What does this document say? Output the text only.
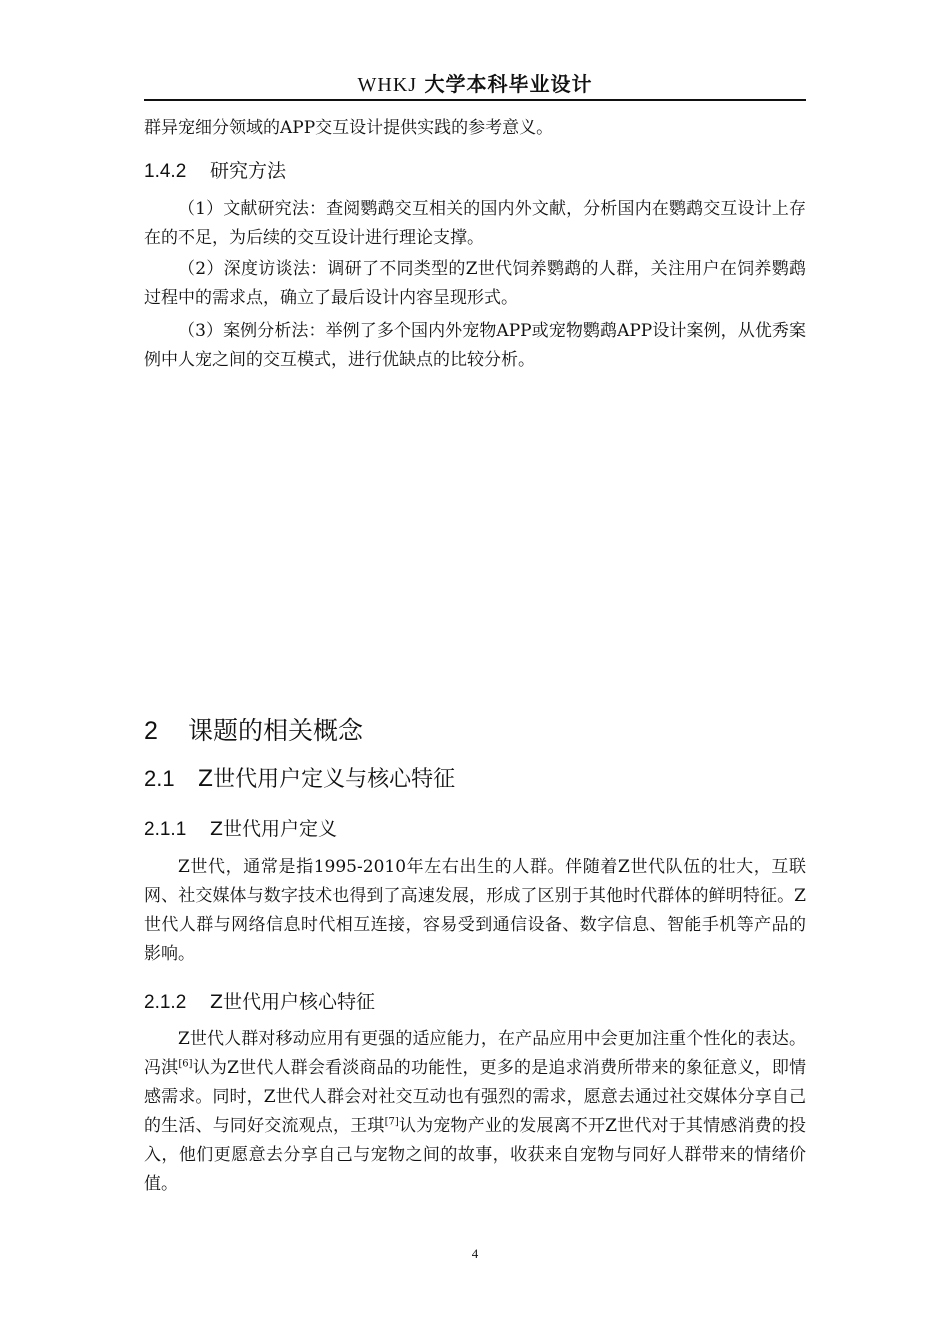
WHKJ 大学本科毕业设计

群异宠细分领域的APP交互设计提供实践的参考意义。

1.4.2 研究方法

（1）文献研究法：查阅鹦鹉交互相关的国内外文献，分析国内在鹦鹉交互设计上存在的不足，为后续的交互设计进行理论支撑。

（2）深度访谈法：调研了不同类型的Z世代饲养鹦鹉的人群，关注用户在饲养鹦鹉过程中的需求点，确立了最后设计内容呈现形式。

（3）案例分析法：举例了多个国内外宠物APP或宠物鹦鹉APP设计案例，从优秀案例中人宠之间的交互模式，进行优缺点的比较分析。

2 课题的相关概念
2.1 Z世代用户定义与核心特征
2.1.1 Z世代用户定义

Z世代，通常是指1995-2010年左右出生的人群。伴随着Z世代队伍的壮大，互联网、社交媒体与数字技术也得到了高速发展，形成了区别于其他时代群体的鲜明特征。Z世代人群与网络信息时代相互连接，容易受到通信设备、数字信息、智能手机等产品的影响。

2.1.2 Z世代用户核心特征

Z世代人群对移动应用有更强的适应能力，在产品应用中会更加注重个性化的表达。冯淇[6]认为Z世代人群会看淡商品的功能性，更多的是追求消费所带来的象征意义，即情感需求。同时，Z世代人群会对社交互动也有强烈的需求，愿意去通过社交媒体分享自己的生活、与同好交流观点，王琪[7]认为宠物产业的发展离不开Z世代对于其情感消费的投入，他们更愿意去分享自己与宠物之间的故事，收获来自宠物与同好人群带来的情绪价值。

4
